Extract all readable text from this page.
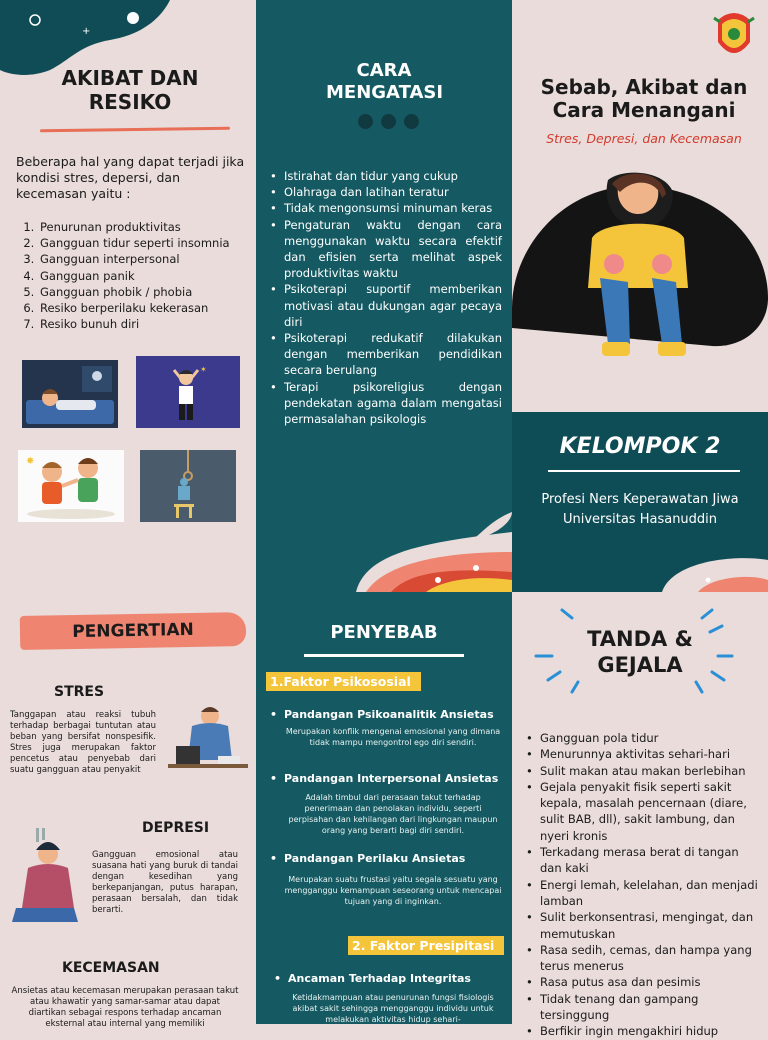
+
AKIBAT DAN RESIKO
Beberapa hal yang dapat terjadi jika kondisi stres, depersi, dan kecemasan yaitu :
1. Penurunan produktivitas
2. Gangguan tidur seperti insomnia
3. Gangguan interpersonal
4. Gangguan panik
5. Gangguan phobik / phobia
6. Resiko berperilaku kekerasan
7. Resiko bunuh diri
✶
✸
CARA MENGATASI
• Istirahat dan tidur yang cukup
• Olahraga dan latihan teratur
• Tidak mengonsumsi minuman keras
• Pengaturan waktu dengan cara menggunakan waktu secara efektif dan efisien serta melihat aspek produktivitas waktu
• Psikoterapi suportif memberikan motivasi atau dukungan agar pecaya diri
• Psikoterapi redukatif dilakukan dengan memberikan pendidikan secara berulang
• Terapi psikoreligius dengan pendekatan agama dalam mengatasi permasalahan psikologis
Sebab, Akibat dan Cara Menangani
Stres, Depresi, dan Kecemasan
KELOMPOK 2
Profesi Ners Keperawatan Jiwa Universitas Hasanuddin
PENGERTIAN
STRES
Tanggapan atau reaksi tubuh terhadap berbagai tuntutan atau beban yang bersifat nonspesifik. Stres juga merupakan faktor pencetus atau penyebab dari suatu gangguan atau penyakit
DEPRESI
Gangguan emosional atau suasana hati yang buruk di tandai dengan kesedihan yang berkepanjangan, putus harapan, perasaan bersalah, dan tidak berarti.
KECEMASAN
Ansietas atau kecemasan merupakan perasaan takut atau khawatir yang samar-samar atau dapat diartikan sebagai respons terhadap ancaman eksternal atau internal yang memiliki
PENYEBAB
1.Faktor Psikososial
• Pandangan Psikoanalitik Ansietas
Merupakan konflik mengenai emosional yang dimana tidak mampu mengontrol ego diri sendiri.
• Pandangan Interpersonal Ansietas
Adalah timbul dari perasaan takut terhadap penerimaan dan penolakan individu, seperti perpisahan dan kehilangan dari lingkungan maupun orang yang berarti bagi diri sendiri.
• Pandangan Perilaku Ansietas
Merupakan suatu frustasi yaitu segala sesuatu yang mengganggu kemampuan seseorang untuk mencapai tujuan yang di inginkan.
2. Faktor Presipitasi
• Ancaman Terhadap Integritas
Ketidakmampuan atau penurunan fungsi fisiologis akibat sakit sehingga mengganggu individu untuk melakukan aktivitas hidup sehari-
TANDA & GEJALA
• Gangguan pola tidur
• Menurunnya aktivitas sehari-hari
• Sulit makan atau makan berlebihan
• Gejala penyakit fisik seperti sakit kepala, masalah pencernaan (diare, sulit BAB, dll), sakit lambung, dan nyeri kronis
• Terkadang merasa berat di tangan dan kaki
• Energi lemah, kelelahan, dan menjadi lamban
• Sulit berkonsentrasi, mengingat, dan memutuskan
• Rasa sedih, cemas, dan hampa yang terus menerus
• Rasa putus asa dan pesimis
• Tidak tenang dan gampang tersinggung
• Berfikir ingin mengakhiri hidup
